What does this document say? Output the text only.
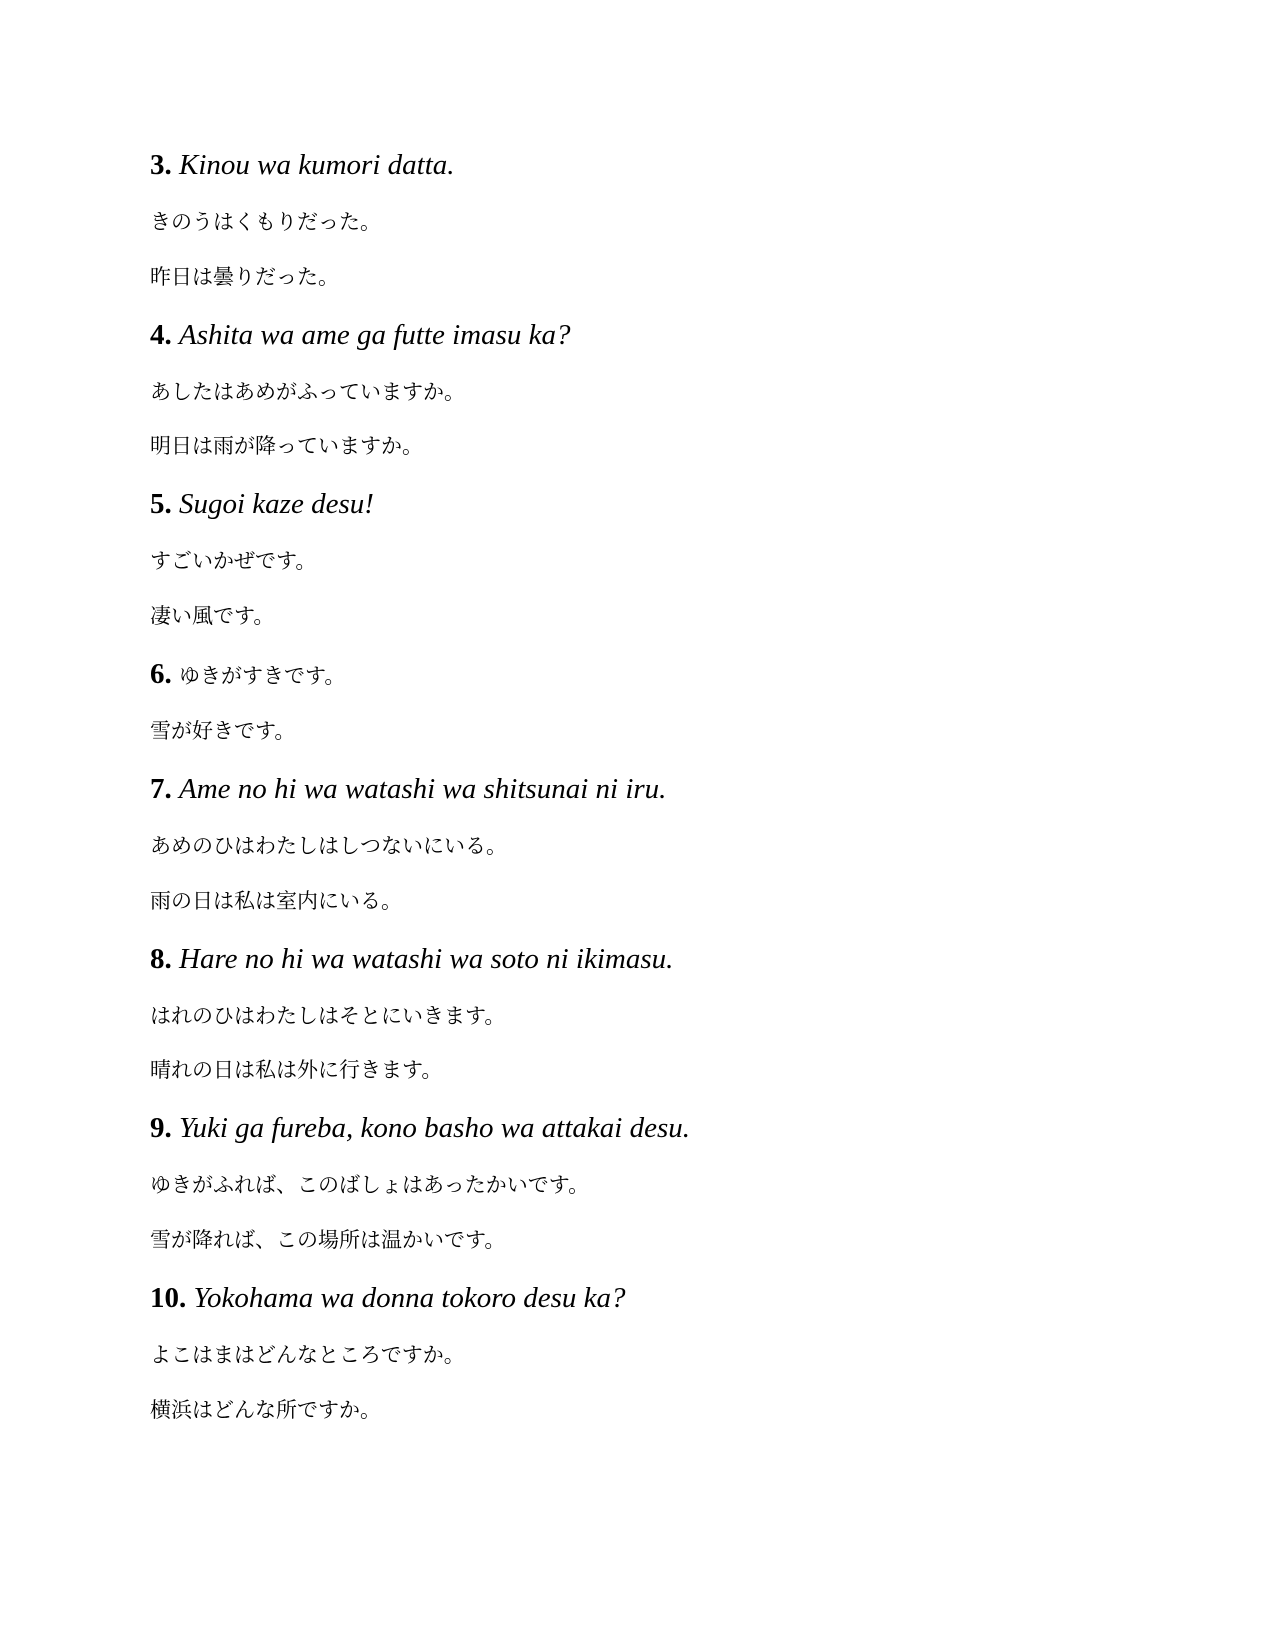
3. Kinou wa kumori datta.
きのうはくもりだった。
昨日は曇りだった。
4. Ashita wa ame ga futte imasu ka?
あしたはあめがふっていますか。
明日は雨が降っていますか。
5. Sugoi kaze desu!
すごいかぜです。
凄い風です。
6. ゆきがすきです。
雪が好きです。
7. Ame no hi wa watashi wa shitsunai ni iru.
あめのひはわたしはしつないにいる。
雨の日は私は室内にいる。
8. Hare no hi wa watashi wa soto ni ikimasu.
はれのひはわたしはそとにいきます。
晴れの日は私は外に行きます。
9. Yuki ga fureba, kono basho wa attakai desu.
ゆきがふれば、このばしょはあったかいです。
雪が降れば、この場所は温かいです。
10. Yokohama wa donna tokoro desu ka?
よこはまはどんなところですか。
横浜はどんな所ですか。
